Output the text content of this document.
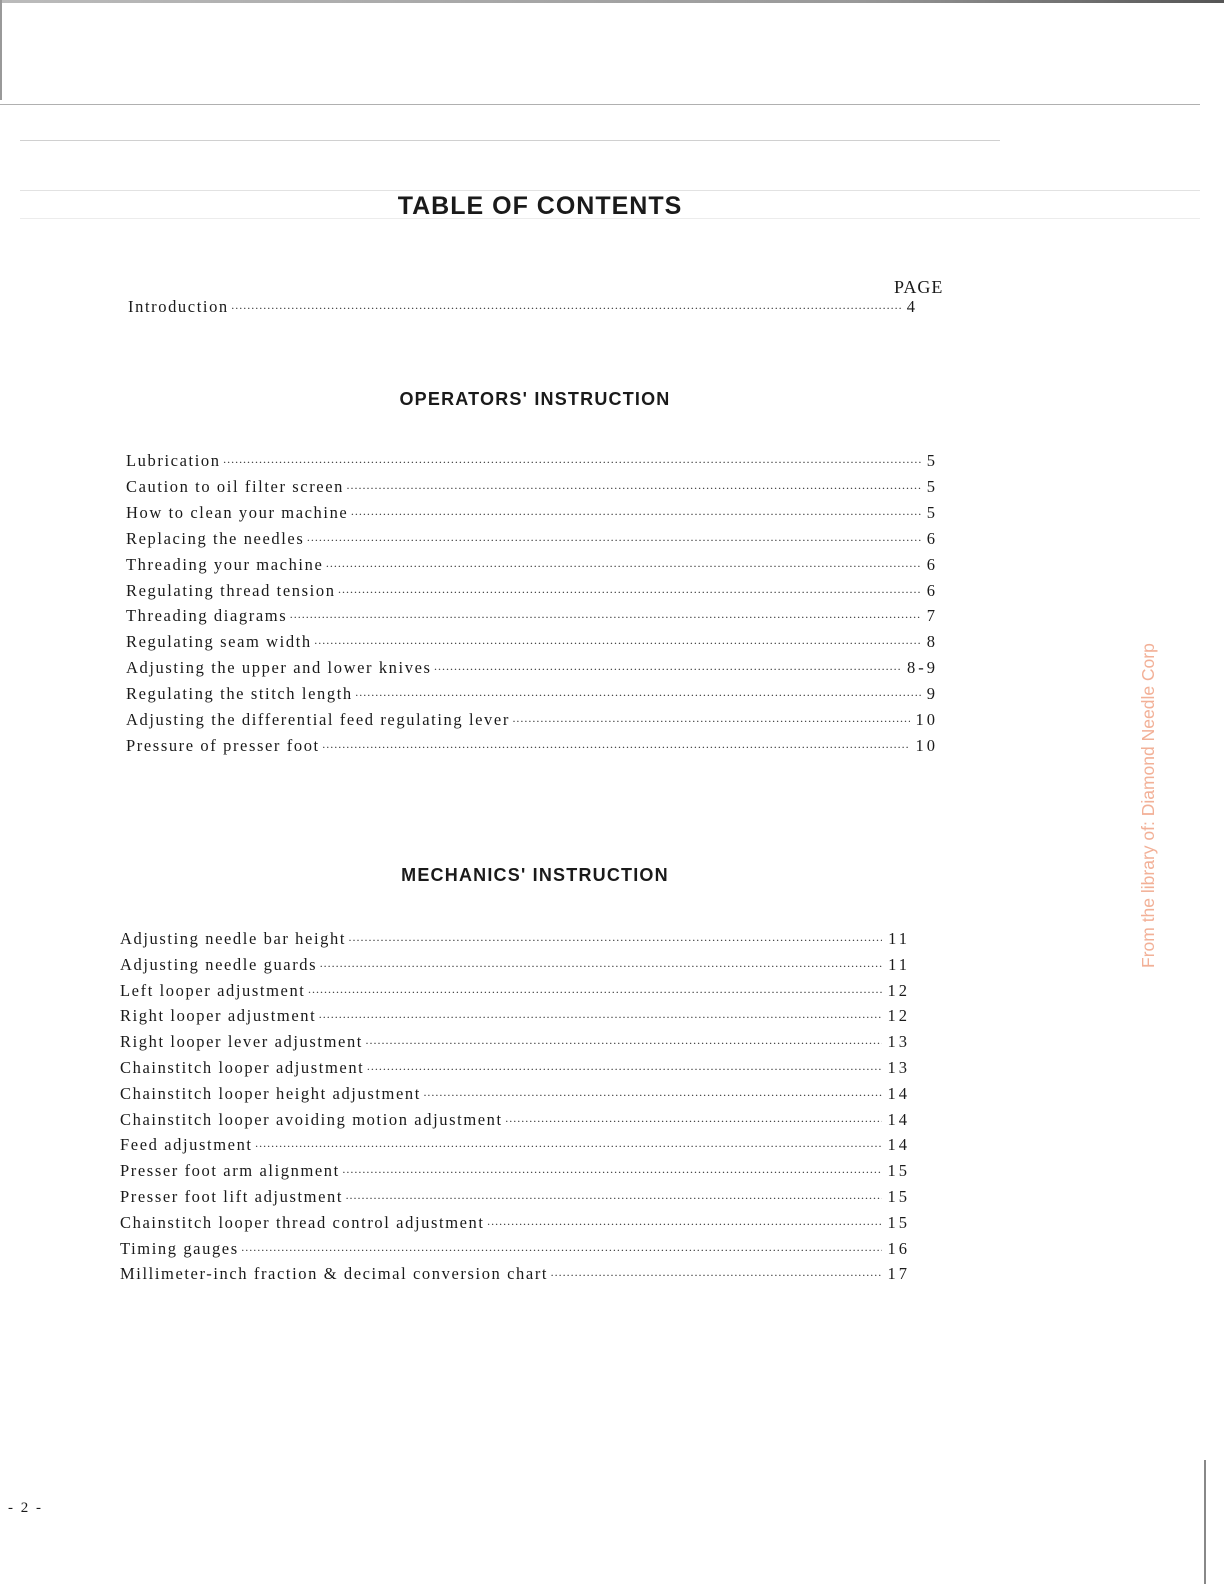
TABLE OF CONTENTS
PAGE
Introduction ·····	4
OPERATORS' INSTRUCTION
Lubrication ·····	5
Caution to oil filter screen ·····	5
How to clean your machine ·····	5
Replacing the needles ·····	6
Threading your machine ·····	6
Regulating thread tension ·····	6
Threading diagrams ·····	7
Regulating seam width ·····	8
Adjusting the upper and lower knives ·····	8-9
Regulating the stitch length ·····	9
Adjusting the differential feed regulating lever ·····	10
Pressure of presser foot ·····	10
MECHANICS' INSTRUCTION
Adjusting needle bar height ·····	11
Adjusting needle guards ·····	11
Left looper adjustment ·····	12
Right looper adjustment ·····	12
Right looper lever adjustment ·····	13
Chainstitch looper adjustment ·····	13
Chainstitch looper height adjustment ·····	14
Chainstitch looper avoiding motion adjustment ·····	14
Feed adjustment ·····	14
Presser foot arm alignment ·····	15
Presser foot lift adjustment ·····	15
Chainstitch looper thread control adjustment ·····	15
Timing gauges ·····	16
Millimeter-inch fraction & decimal conversion chart ·····	17
From the library of: Diamond Needle Corp
- 2 -
